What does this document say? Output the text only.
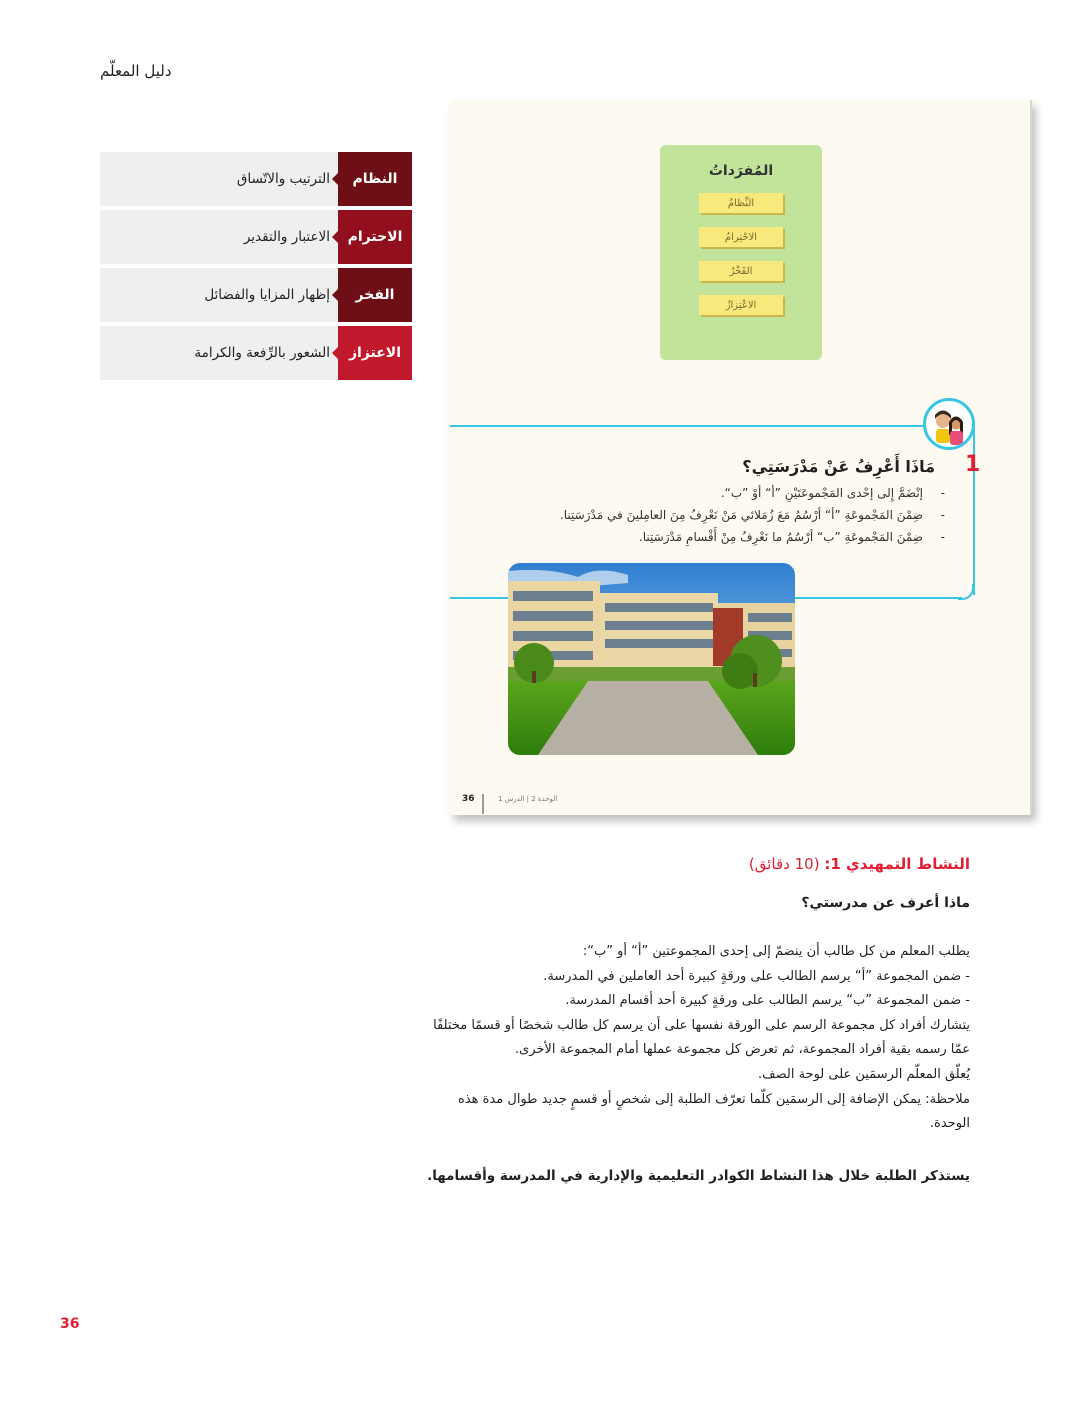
دليل المعلّم
النظام
الترتيب والاتّساق
الاحترام
الاعتبار والتقدير
الفخر
إظهار المزايا والفضائل
الاعتزاز
الشعور بالرِّفعة والكرامة
المُفرَداتُ
النِّظامُ
الاحْتِرامُ
الفَخْرُ
الاعْتِزازُ
1
مَاذَا أَعْرِفُ عَنْ مَدْرَسَتِي؟
- إنْضَمَّ إِلى إحْدى المَجْموعَتَيْنِ ”أ“ أوْ ”ب“.
- ضِمْنَ المَجْموعَةِ ”أ“ أرْسُمُ مَعَ زُمَلائي مَنْ نَعْرِفُ مِنَ العامِلينَ في مَدْرَسَتِنا.
- ضِمْنَ المَجْموعَةِ ”ب“ أرْسُمُ ما نَعْرِفُ مِنْ أَقْسامِ مَدْرَسَتِنا.
36	الوحدة 2 | الدرس 1
النشاط التمهيدي 1: (10 دقائق)
ماذا أعرف عن مدرستي؟

يطلب المعلم من كل طالب أن ينضمّ إلى إحدى المجموعتين ”أ“ أو ”ب“:

- ضمن المجموعة ”أ“ يرسم الطالب على ورقةٍ كبيرة أحد العاملين في المدرسة.

- ضمن المجموعة ”ب“ يرسم الطالب على ورقةٍ كبيرة أحد أقسام المدرسة.

يتشارك أفراد كل مجموعة الرسم على الورقة نفسها على أن يرسم كل طالب شخصًا أو قسمًا مختلفًا عمّا رسمه بقية أفراد المجموعة، ثم تعرض كل مجموعة عملها أمام المجموعة الأخرى.

يُعلّق المعلّم الرسمَين على لوحة الصف.

ملاحظة: يمكن الإضافة إلى الرسمَين كلّما تعرّف الطلبة إلى شخصٍ أو قسمٍ جديد طوال مدة هذه الوحدة.

يستذكر الطلبة خلال هذا النشاط الكوادر التعليمية والإدارية في المدرسة وأقسامها.
36
